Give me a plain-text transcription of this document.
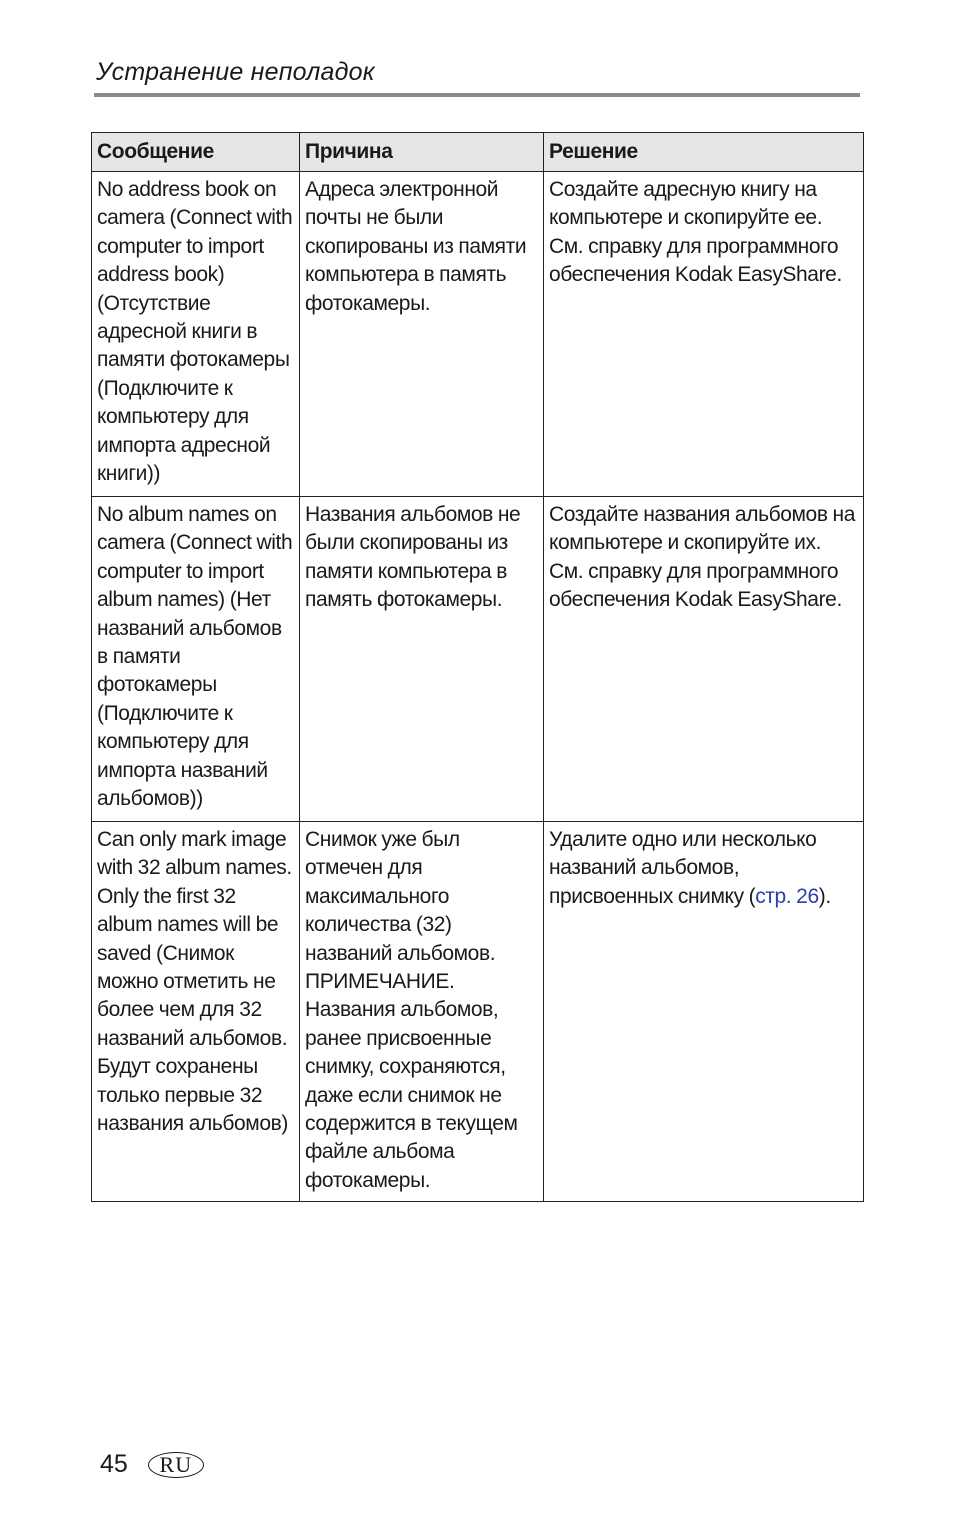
Устранение неполадок
Сообщение	Причина	Решение
No address book on camera (Connect with computer to import address book) (Отсутствие адресной книги в памяти фотокамеры (Подключите к компьютеру для импорта адресной книги))	Адреса электронной почты не были скопированы из памяти компьютера в память фотокамеры.	Создайте адресную книгу на компьютере и скопируйте ее. См. справку для программного обеспечения Kodak EasyShare.
No album names on camera (Connect with computer to import album names) (Нет названий альбомов в памяти фотокамеры (Подключите к компьютеру для импорта названий альбомов))	Названия альбомов не были скопированы из памяти компьютера в память фотокамеры.	Создайте названия альбомов на компьютере и скопируйте их. См. справку для программного обеспечения Kodak EasyShare.
Can only mark image with 32 album names. Only the first 32 album names will be saved (Снимок можно отметить не более чем для 32 названий альбомов. Будут сохранены только первые 32 названия альбомов)	Снимок уже был отмечен для максимального количества (32) названий альбомов. ПРИМЕЧАНИЕ. Названия альбомов, ранее присвоенные снимку, сохраняются, даже если снимок не содержится в текущем файле альбома фотокамеры.	Удалите одно или несколько названий альбомов, присвоенных снимку (стр. 26).
45	RU
